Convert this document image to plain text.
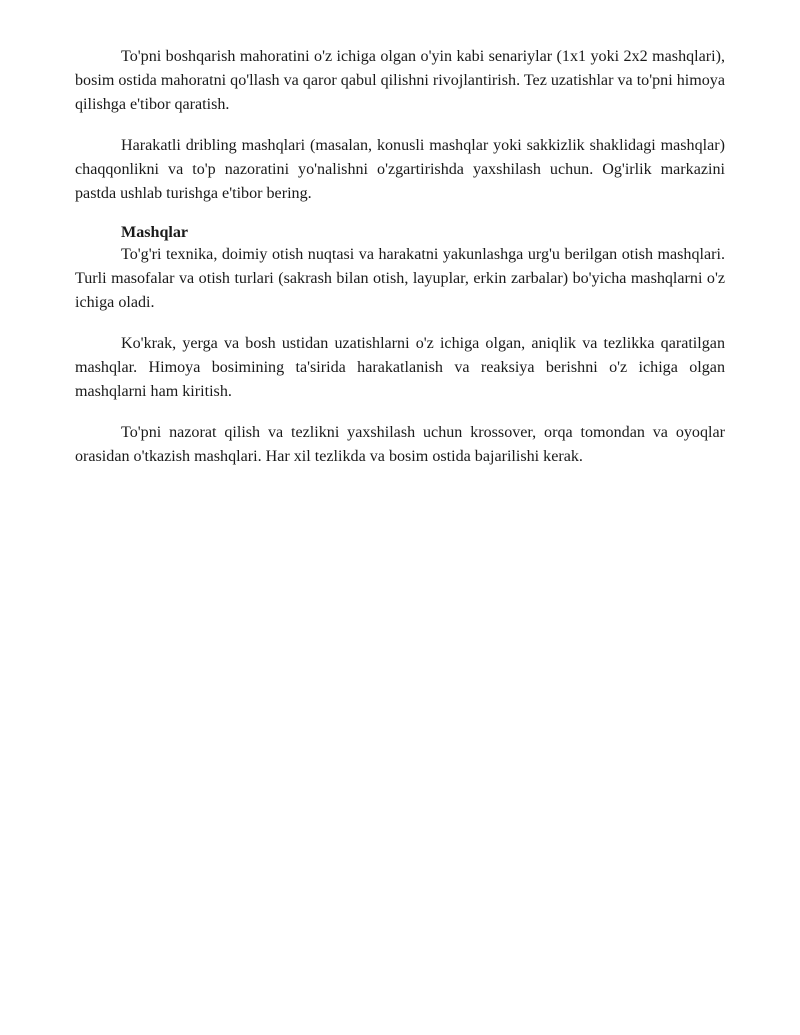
To'pni boshqarish mahoratini o'z ichiga olgan o'yin kabi senariylar (1x1 yoki 2x2 mashqlari), bosim ostida mahoratni qo'llash va qaror qabul qilishni rivojlantirish. Tez uzatishlar va to'pni himoya qilishga e'tibor qaratish.

Harakatli dribling mashqlari (masalan, konusli mashqlar yoki sakkizlik shaklidagi mashqlar) chaqqonlikni va to'p nazoratini yo'nalishni o'zgartirishda yaxshilash uchun. Og'irlik markazini pastda ushlab turishga e'tibor bering.

Mashqlar

To'g'ri texnika, doimiy otish nuqtasi va harakatni yakunlashga urg'u berilgan otish mashqlari. Turli masofalar va otish turlari (sakrash bilan otish, layuplar, erkin zarbalar) bo'yicha mashqlarni o'z ichiga oladi.

Ko'krak, yerga va bosh ustidan uzatishlarni o'z ichiga olgan, aniqlik va tezlikka qaratilgan mashqlar. Himoya bosimining ta'sirida harakatlanish va reaksiya berishni o'z ichiga olgan mashqlarni ham kiritish.

To'pni nazorat qilish va tezlikni yaxshilash uchun krossover, orqa tomondan va oyoqlar orasidan o'tkazish mashqlari. Har xil tezlikda va bosim ostida bajarilishi kerak.
